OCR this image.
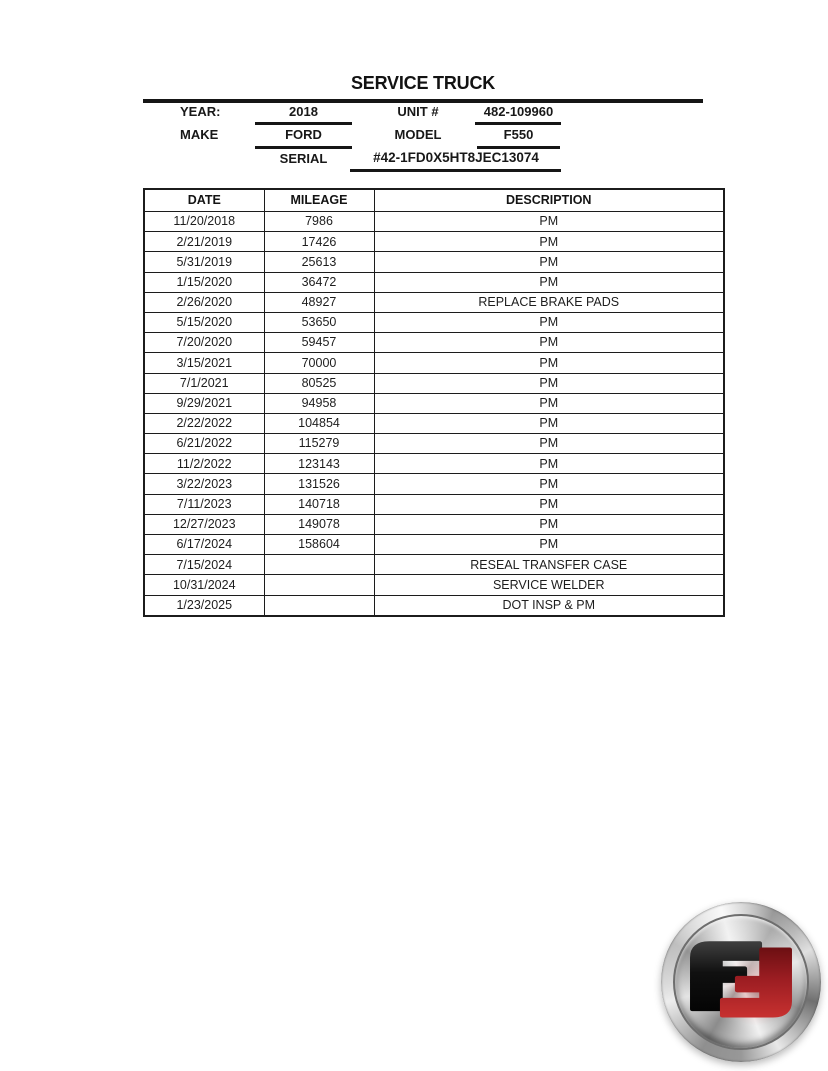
SERVICE TRUCK
YEAR:	2018	UNIT #	482-109960
MAKE	FORD	MODEL	F550
SERIAL	#42-1FD0X5HT8JEC13074
DATE	MILEAGE	DESCRIPTION
11/20/2018	7986	PM
2/21/2019	17426	PM
5/31/2019	25613	PM
1/15/2020	36472	PM
2/26/2020	48927	REPLACE BRAKE PADS
5/15/2020	53650	PM
7/20/2020	59457	PM
3/15/2021	70000	PM
7/1/2021	80525	PM
9/29/2021	94958	PM
2/22/2022	104854	PM
6/21/2022	115279	PM
11/2/2022	123143	PM
3/22/2023	131526	PM
7/11/2023	140718	PM
12/27/2023	149078	PM
6/17/2024	158604	PM
7/15/2024		RESEAL TRANSFER CASE
10/31/2024		SERVICE WELDER
1/23/2025		DOT INSP & PM
